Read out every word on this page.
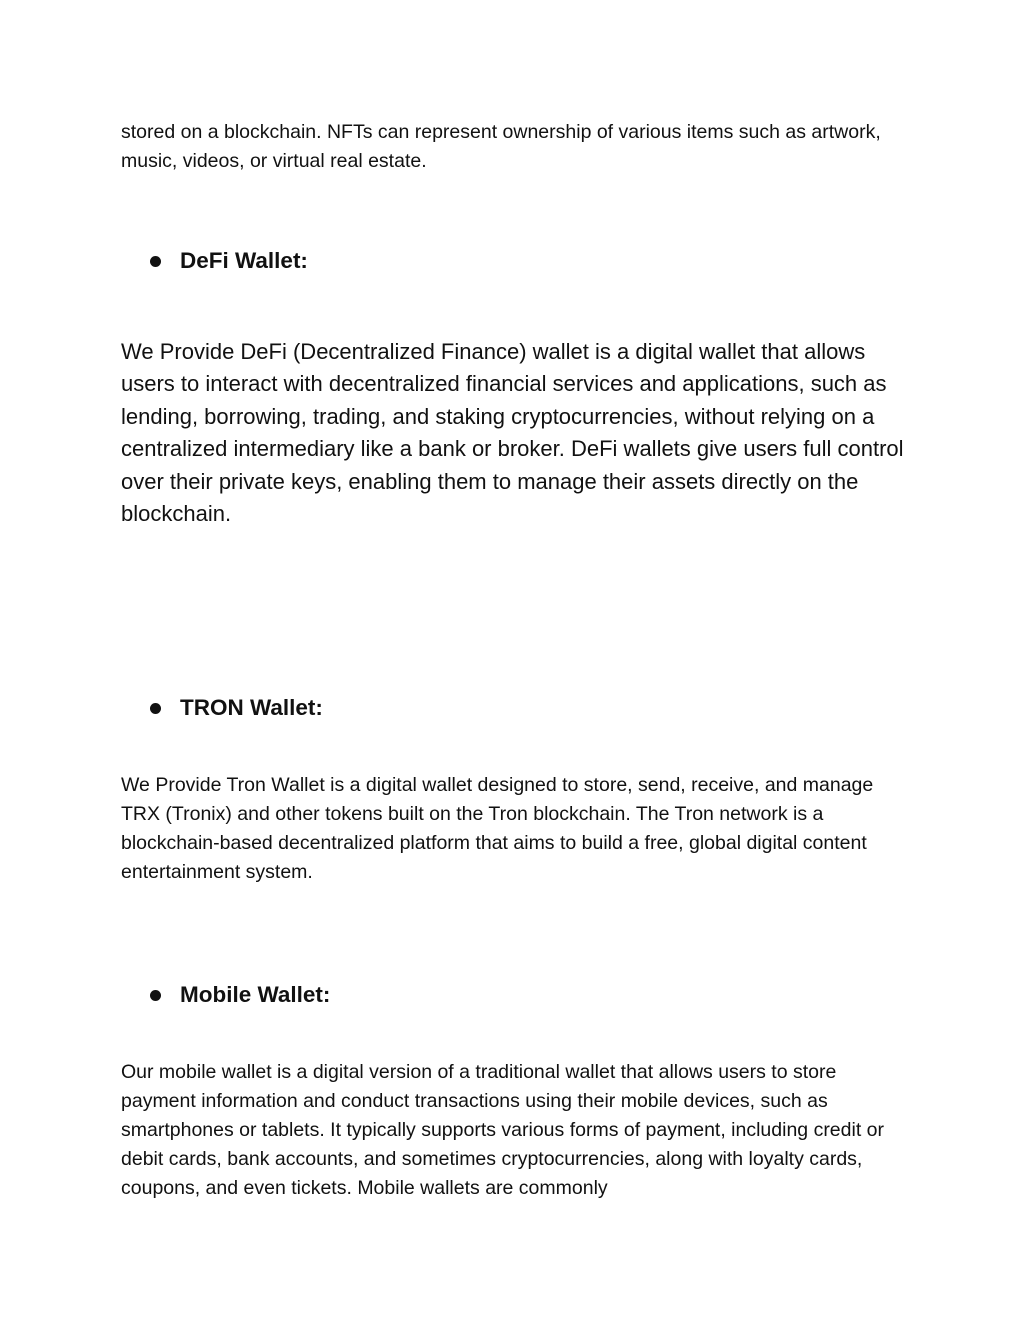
stored on a blockchain. NFTs can represent ownership of various items such as artwork, music, videos, or virtual real estate.

DeFi Wallet:

We Provide DeFi (Decentralized Finance) wallet is a digital wallet that allows users to interact with decentralized financial services and applications, such as lending, borrowing, trading, and staking cryptocurrencies, without relying on a centralized intermediary like a bank or broker. DeFi wallets give users full control over their private keys, enabling them to manage their assets directly on the blockchain.

TRON Wallet:

We Provide Tron Wallet is a digital wallet designed to store, send, receive, and manage TRX (Tronix) and other tokens built on the Tron blockchain. The Tron network is a blockchain-based decentralized platform that aims to build a free, global digital content entertainment system.

Mobile Wallet:

Our mobile wallet is a digital version of a traditional wallet that allows users to store payment information and conduct transactions using their mobile devices, such as smartphones or tablets. It typically supports various forms of payment, including credit or debit cards, bank accounts, and sometimes cryptocurrencies, along with loyalty cards, coupons, and even tickets. Mobile wallets are commonly
